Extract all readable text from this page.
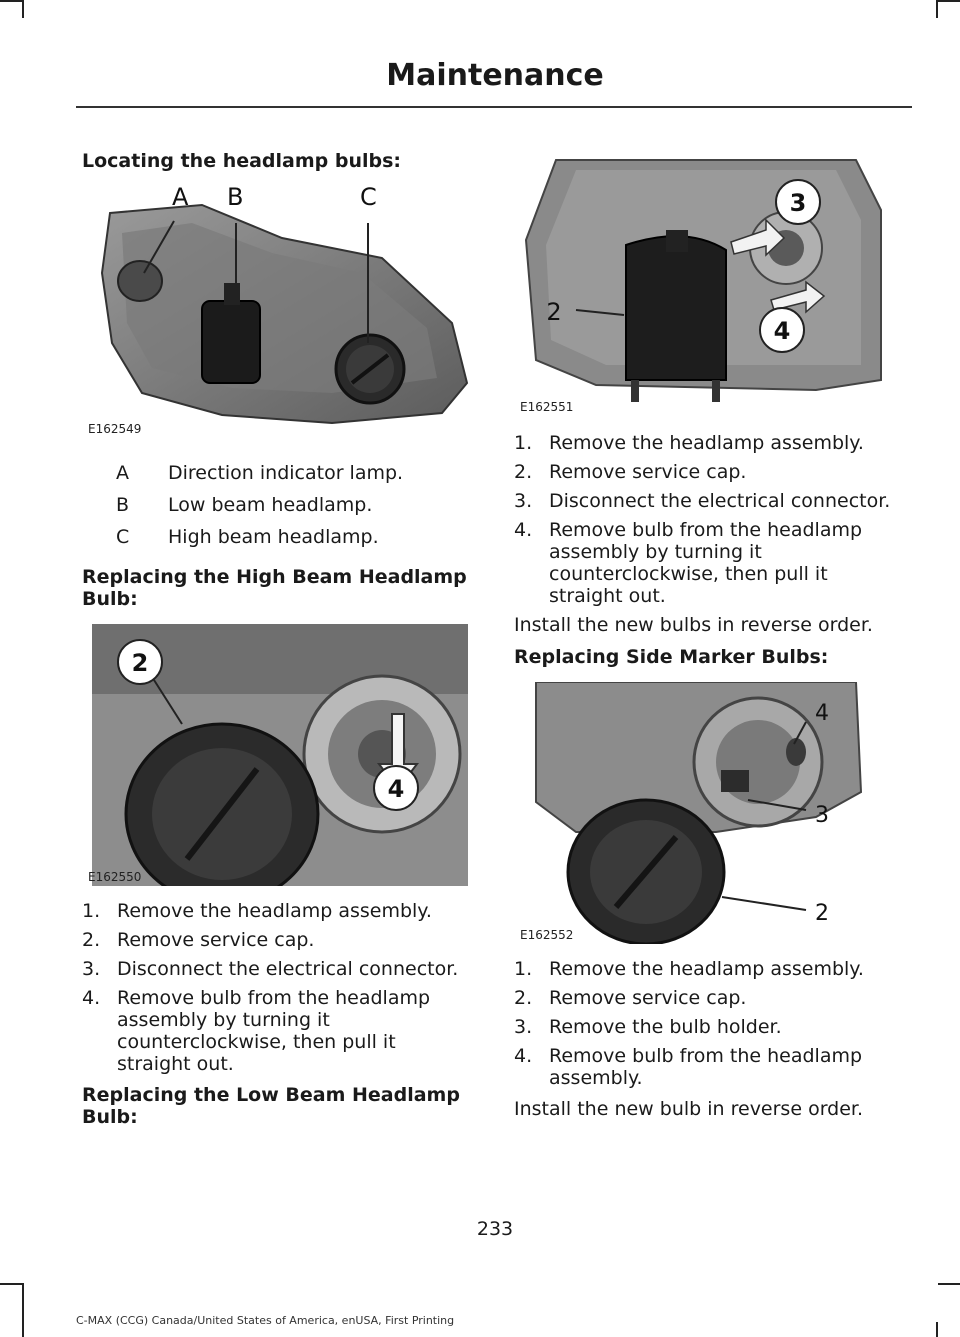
Maintenance
Locating the headlamp bulbs:
A B	C
E162549
A Direction indicator lamp.
B Low beam headlamp.
C High beam headlamp.
Replacing the High Beam Headlamp Bulb:
2
4
E162550
1. Remove the headlamp assembly.
2. Remove service cap.
3. Disconnect the electrical connector.
4. Remove bulb from the headlamp assembly by turning it counterclockwise, then pull it straight out.
Replacing the Low Beam Headlamp Bulb:
3
2
4
E162551
1. Remove the headlamp assembly.
2. Remove service cap.
3. Disconnect the electrical connector.
4. Remove bulb from the headlamp assembly by turning it counterclockwise, then pull it straight out.
Install the new bulbs in reverse order.
Replacing Side Marker Bulbs:
4
3
2
E162552
1. Remove the headlamp assembly.
2. Remove service cap.
3. Remove the bulb holder.
4. Remove bulb from the headlamp assembly.
Install the new bulb in reverse order.
233
C-MAX (CCG) Canada/United States of America, enUSA, First Printing
